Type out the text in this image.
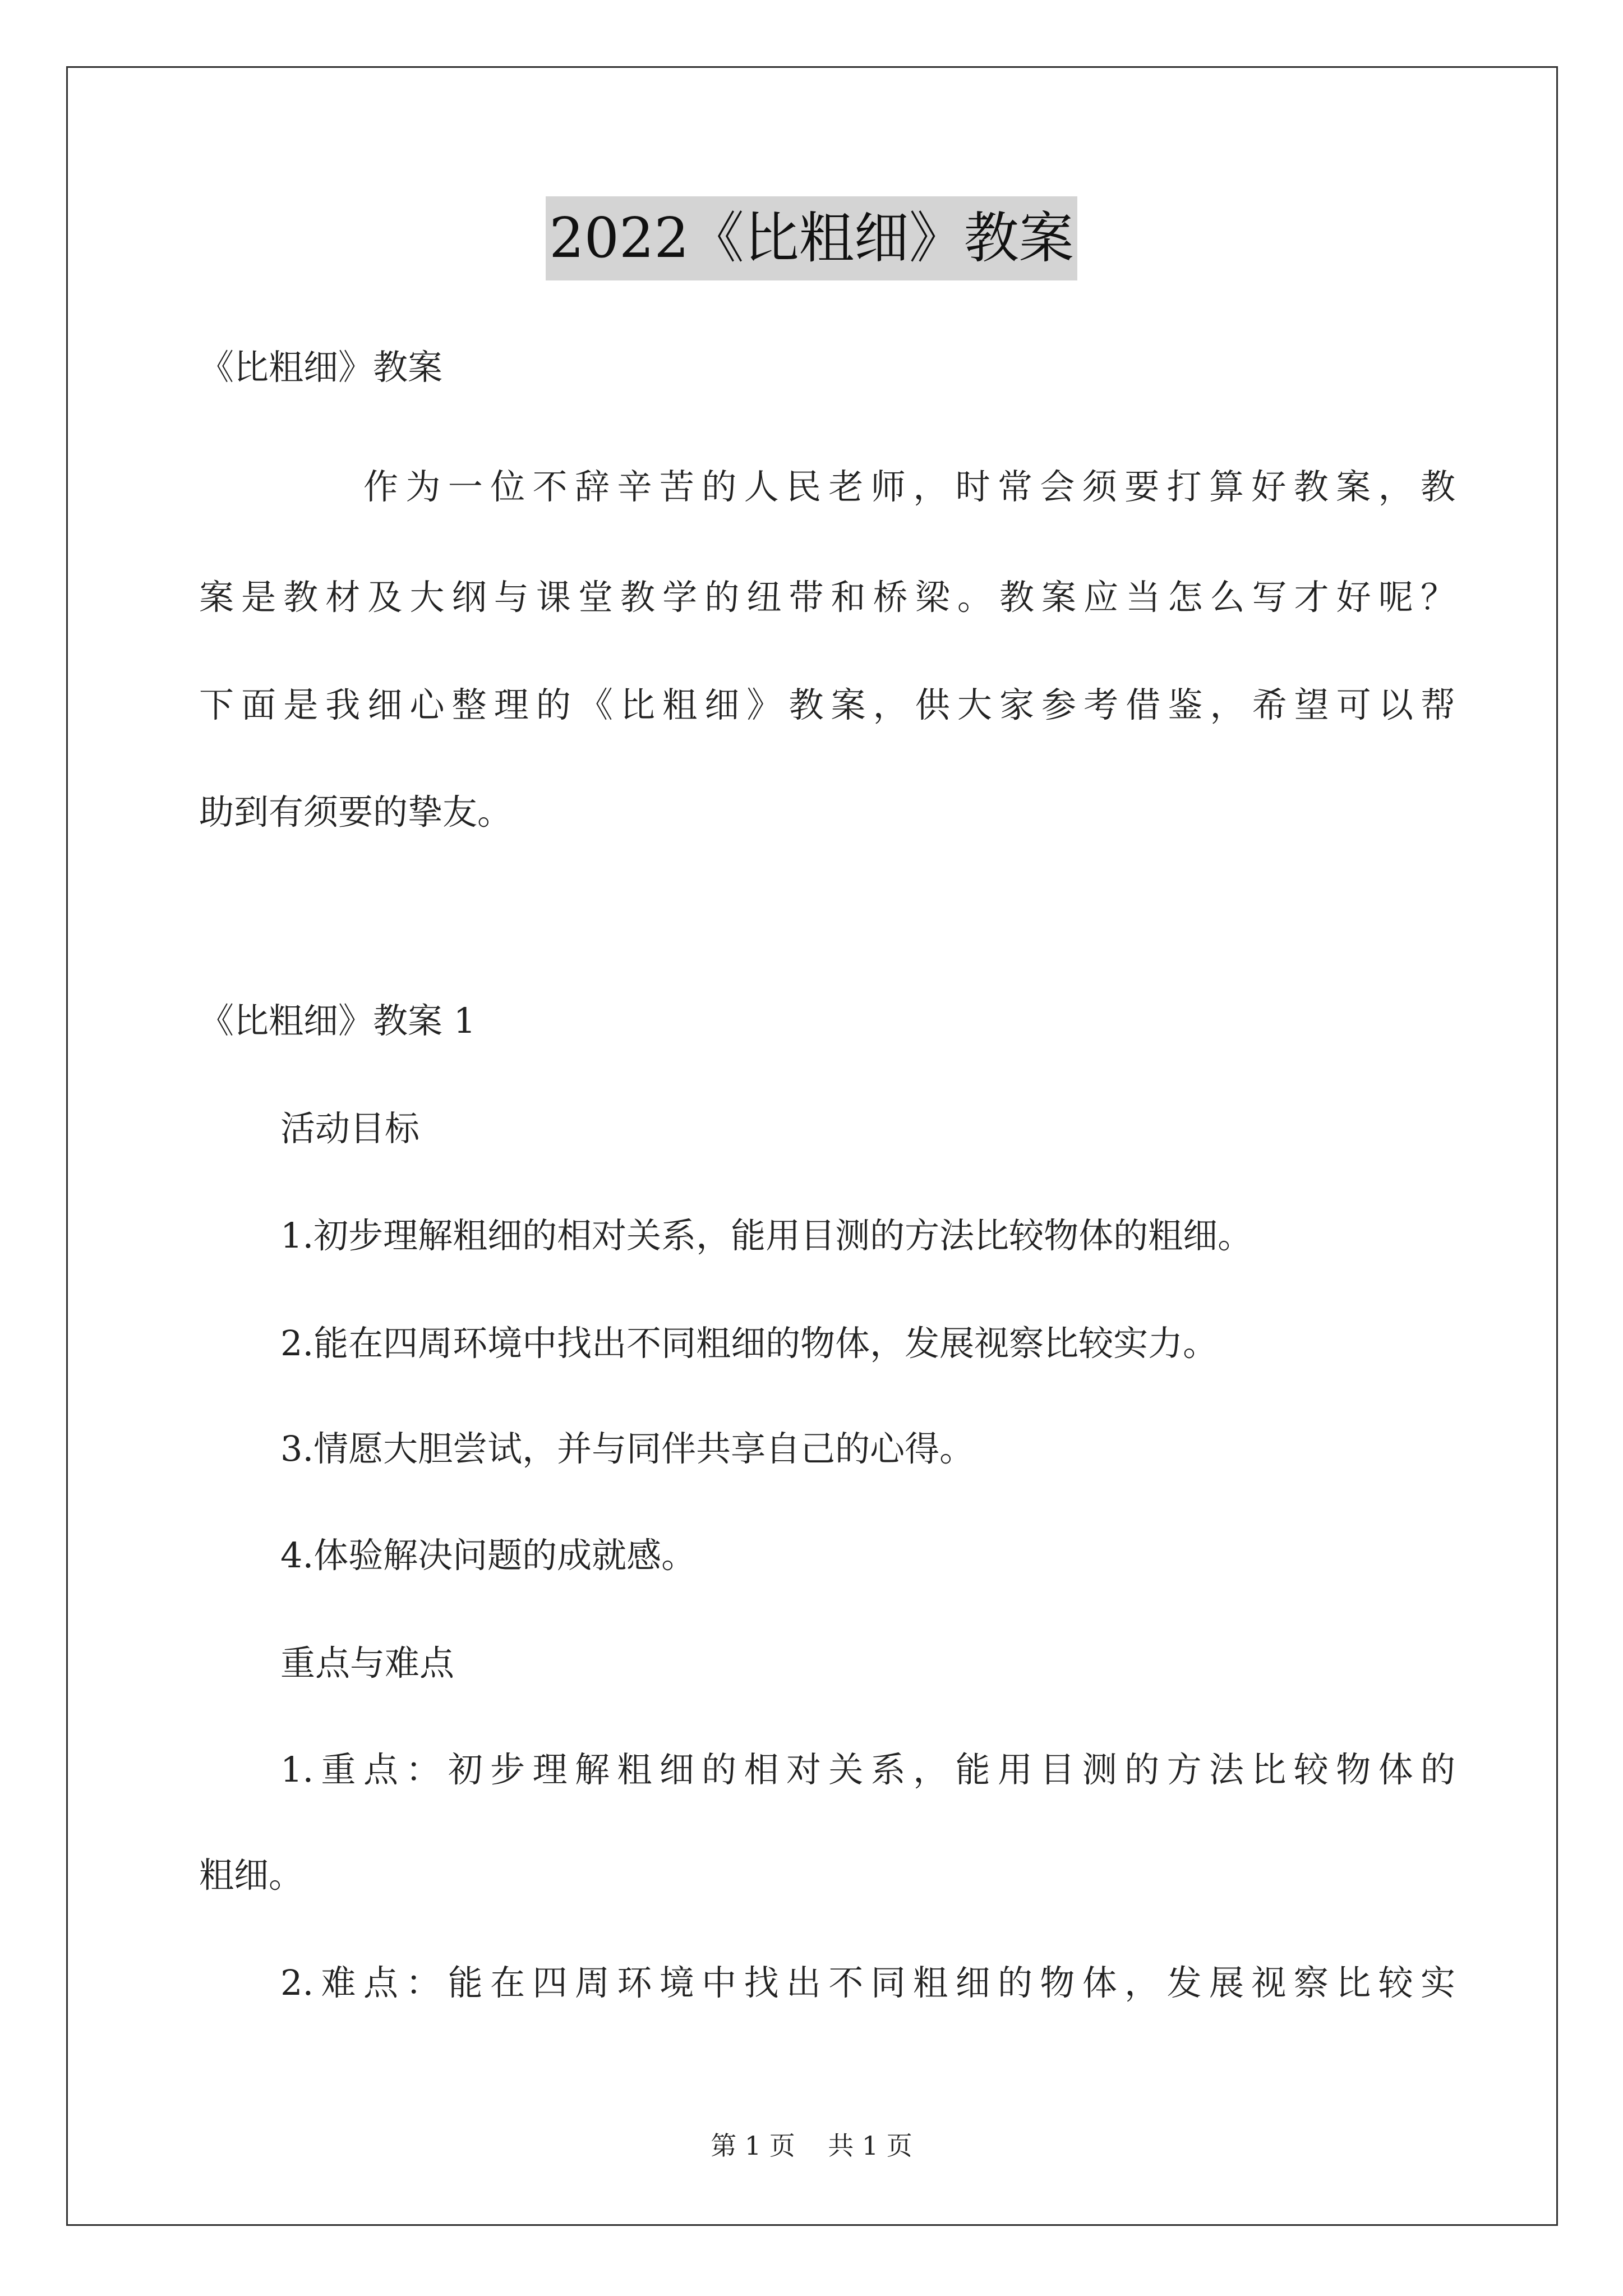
2022《比粗细》教案
《比粗细》教案
作为一位不辞辛苦的人民老师，时常会须要打算好教案，教
案是教材及大纲与课堂教学的纽带和桥梁。教案应当怎么写才好呢？
下面是我细心整理的《比粗细》教案，供大家参考借鉴，希望可以帮
助到有须要的挚友。
《比粗细》教案 1
活动目标
1.初步理解粗细的相对关系，能用目测的方法比较物体的粗细。
2.能在四周环境中找出不同粗细的物体，发展视察比较实力。
3.情愿大胆尝试，并与同伴共享自己的心得。
4.体验解决问题的成就感。
重点与难点
1.重点：初步理解粗细的相对关系，能用目测的方法比较物体的
粗细。
2.难点：能在四周环境中找出不同粗细的物体，发展视察比较实
第 1 页    共 1 页
